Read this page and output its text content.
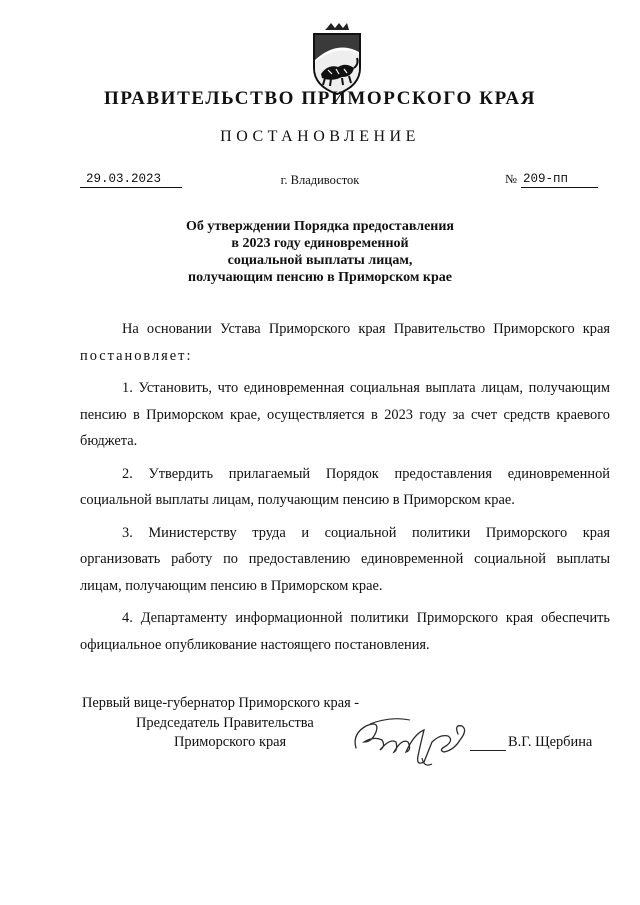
ПРАВИТЕЛЬСТВО ПРИМОРСКОГО КРАЯ
ПОСТАНОВЛЕНИЕ
29.03.2023	г. Владивосток	№ 209-пп
Об утверждении Порядка предоставления
в 2023 году единовременной
социальной выплаты лицам,
получающим пенсию в Приморском крае

На основании Устава Приморского края Правительство Приморского края постановляет:

1. Установить, что единовременная социальная выплата лицам, получающим пенсию в Приморском крае, осуществляется в 2023 году за счет средств краевого бюджета.

2. Утвердить прилагаемый Порядок предоставления единовременной социальной выплаты лицам, получающим пенсию в Приморском крае.

3. Министерству труда и социальной политики Приморского края организовать работу по предоставлению единовременной социальной выплаты лицам, получающим пенсию в Приморском крае.

4. Департаменту информационной политики Приморского края обеспечить официальное опубликование настоящего постановления.

Первый вице-губернатор Приморского края -
Председатель Правительства
Приморского края	В.Г. Щербина
